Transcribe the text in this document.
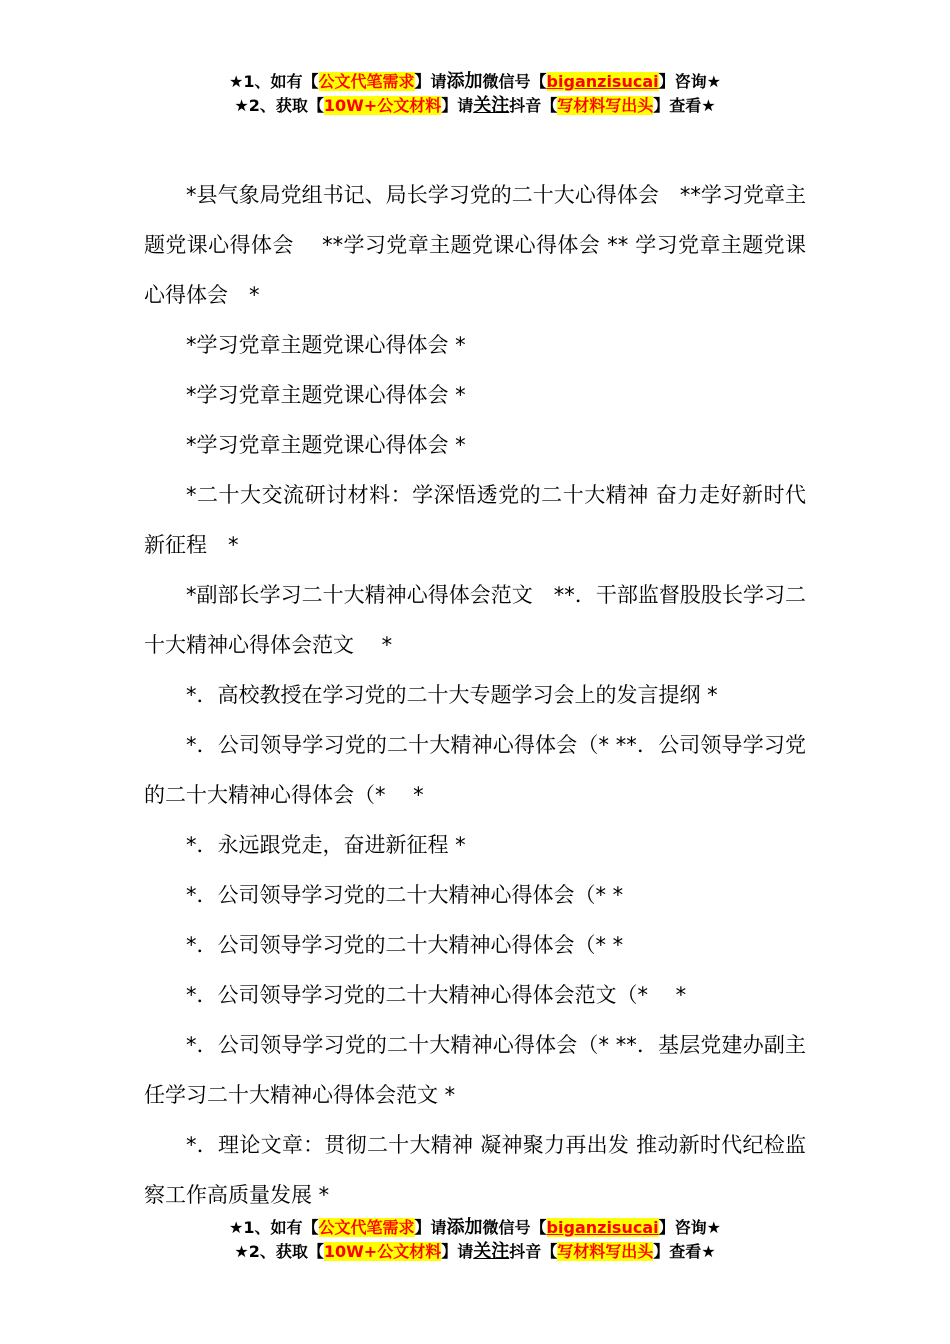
★1、如有【公文代笔需求】请添加微信号【biganzisucai】咨询★
★2、获取【10W+公文材料】请关注抖音【写材料写出头】查看★

*县气象局党组书记、局长学习党的二十大心得体会　**学习党章主题党课心得体会　 **学习党章主题党课心得体会 ** 学习党章主题党课心得体会　*

*学习党章主题党课心得体会 *

*学习党章主题党课心得体会 *

*学习党章主题党课心得体会 *

*二十大交流研讨材料：学深悟透党的二十大精神 奋力走好新时代新征程　*

*副部长学习二十大精神心得体会范文　**．干部监督股股长学习二十大精神心得体会范文　 *

*．高校教授在学习党的二十大专题学习会上的发言提纲 *

*．公司领导学习党的二十大精神心得体会（* **．公司领导学习党的二十大精神心得体会（*　 *

*．永远跟党走，奋进新征程 *

*．公司领导学习党的二十大精神心得体会（* *

*．公司领导学习党的二十大精神心得体会（* *

*．公司领导学习党的二十大精神心得体会范文（*　 *

*．公司领导学习党的二十大精神心得体会（* **．基层党建办副主任学习二十大精神心得体会范文 *

*．理论文章：贯彻二十大精神 凝神聚力再出发 推动新时代纪检监察工作高质量发展 *

★1、如有【公文代笔需求】请添加微信号【biganzisucai】咨询★
★2、获取【10W+公文材料】请关注抖音【写材料写出头】查看★
